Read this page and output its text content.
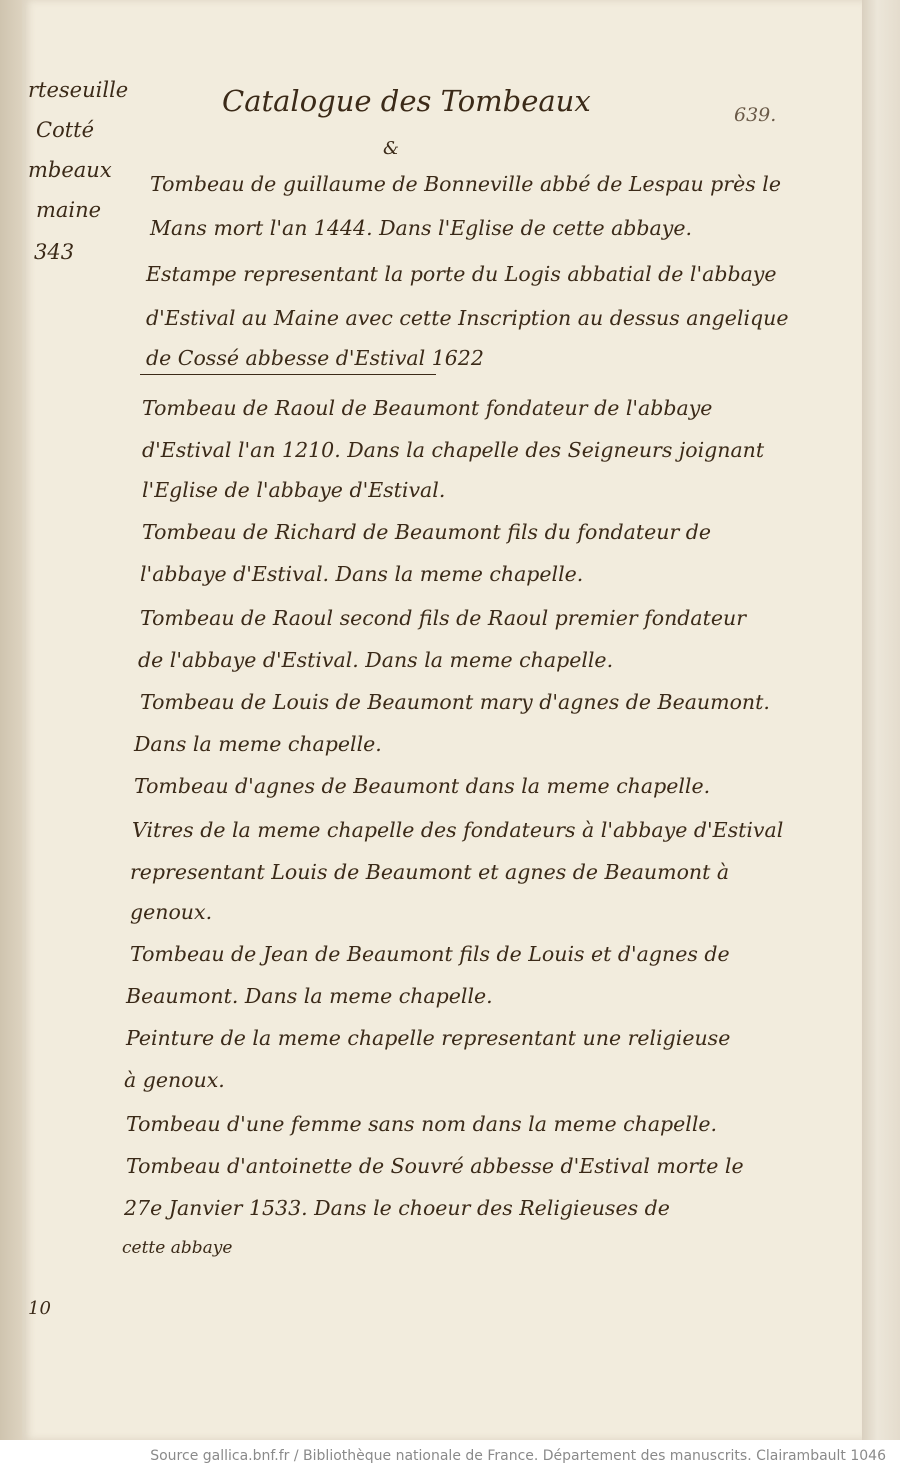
rteseuille
Cotté
mbeaux
maine
343
Catalogue des Tombeaux
&
639.
Tombeau de guillaume de Bonneville abbé de Lespau près le
Mans mort l'an 1444. Dans l'Eglise de cette abbaye.
Estampe representant la porte du Logis abbatial de l'abbaye
d'Estival au Maine avec cette Inscription au dessus angelique
de Cossé abbesse d'Estival 1622
Tombeau de Raoul de Beaumont fondateur de l'abbaye
d'Estival l'an 1210. Dans la chapelle des Seigneurs joignant
l'Eglise de l'abbaye d'Estival.
Tombeau de Richard de Beaumont fils du fondateur de
l'abbaye d'Estival. Dans la meme chapelle.
Tombeau de Raoul second fils de Raoul premier fondateur
de l'abbaye d'Estival. Dans la meme chapelle.
Tombeau de Louis de Beaumont mary d'agnes de Beaumont.
Dans la meme chapelle.
Tombeau d'agnes de Beaumont dans la meme chapelle.
Vitres de la meme chapelle des fondateurs à l'abbaye d'Estival
representant Louis de Beaumont et agnes de Beaumont à
genoux.
Tombeau de Jean de Beaumont fils de Louis et d'agnes de
Beaumont. Dans la meme chapelle.
Peinture de la meme chapelle representant une religieuse
à genoux.
Tombeau d'une femme sans nom dans la meme chapelle.
Tombeau d'antoinette de Souvré abbesse d'Estival morte le
27e Janvier 1533. Dans le choeur des Religieuses de
cette abbaye
10
Source gallica.bnf.fr / Bibliothèque nationale de France. Département des manuscrits. Clairambault 1046
